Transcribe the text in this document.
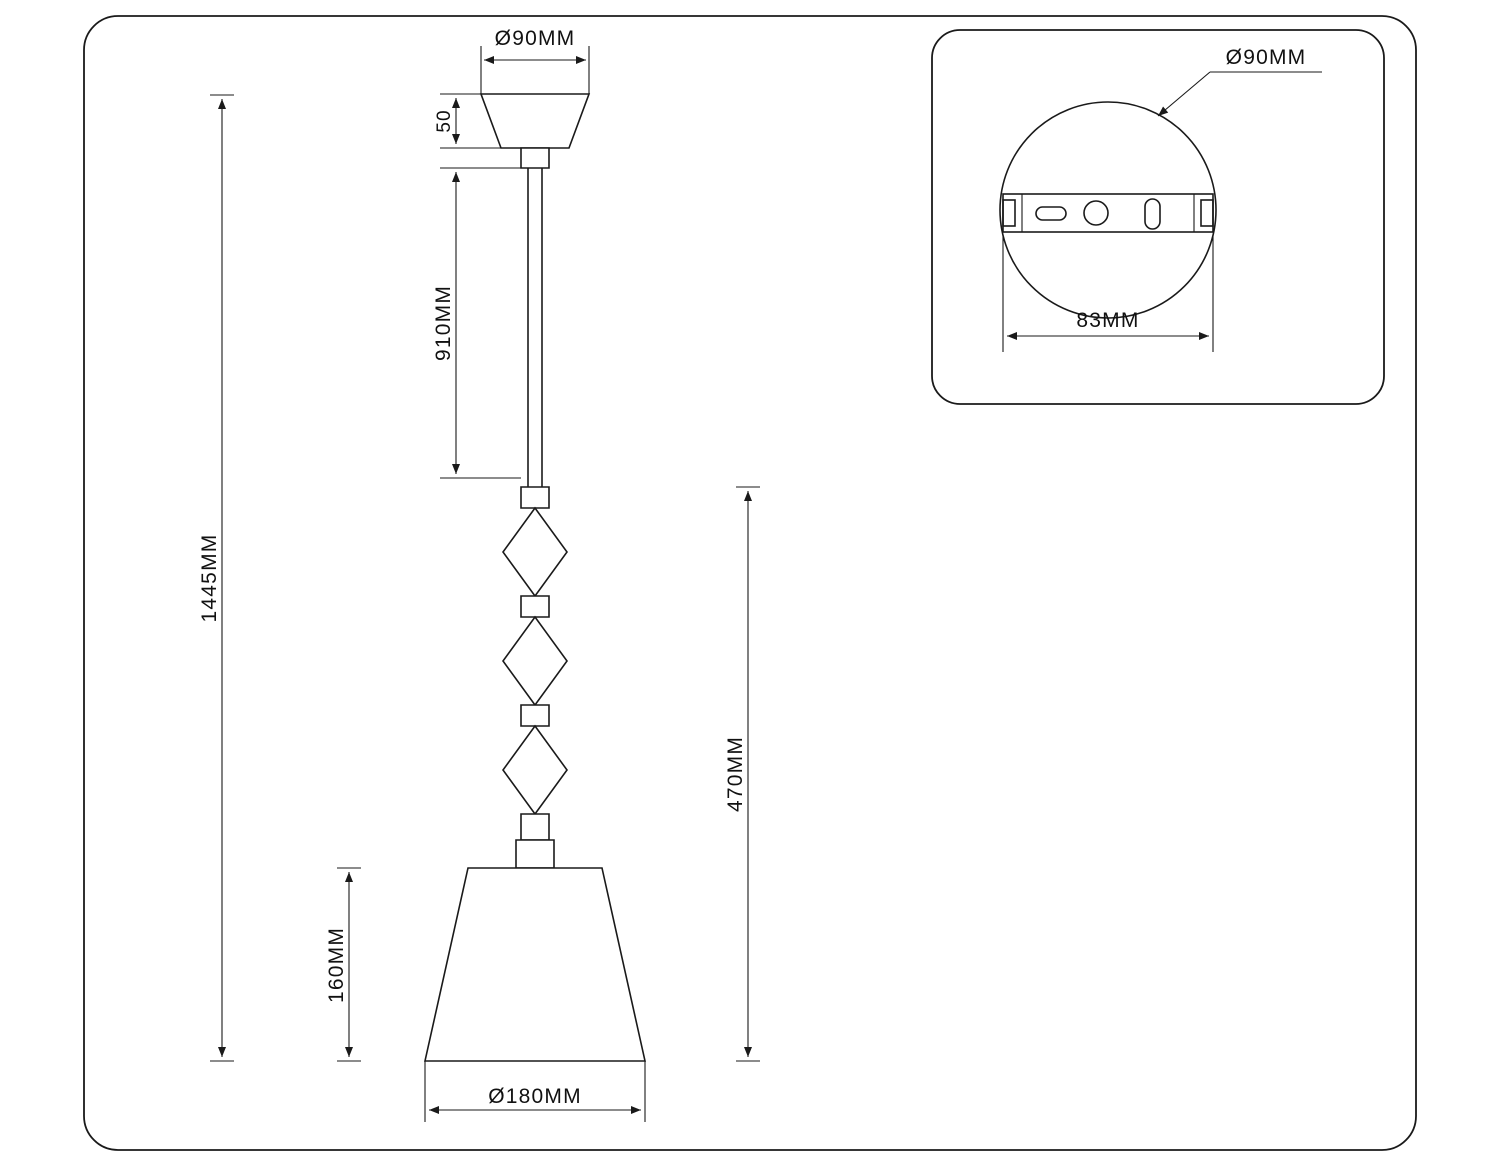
Ø90MM
50
910MM
1445MM
470MM
160MM
Ø180MM
Ø90MM
83MM
